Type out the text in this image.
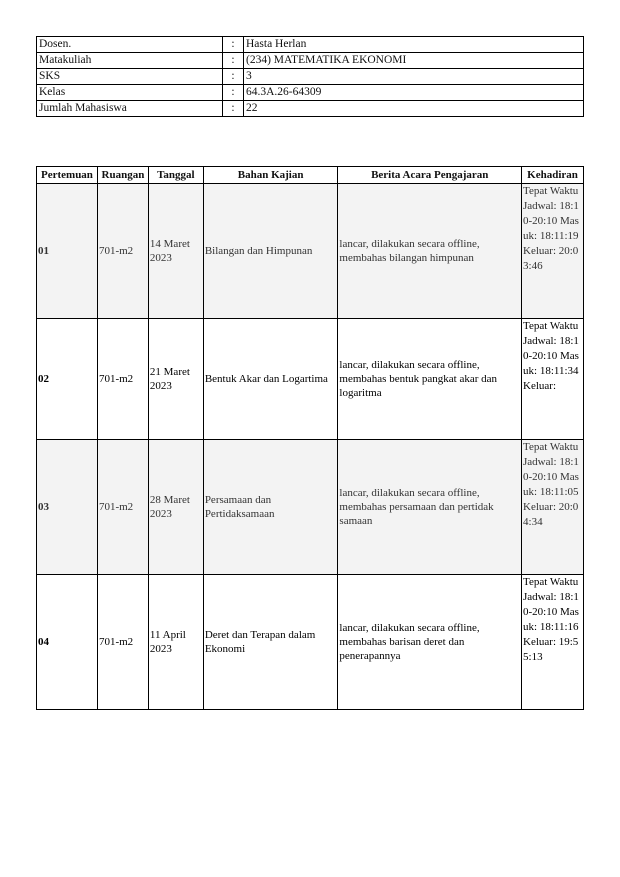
Dosen.	:	Hasta Herlan
Matakuliah	:	(234) MATEMATIKA EKONOMI
SKS	:	3
Kelas	:	64.3A.26-64309
Jumlah Mahasiswa	:	22
Pertemuan	Ruangan	Tanggal	Bahan Kajian	Berita Acara Pengajaran	Kehadiran
01	701-m2	14 Maret 2023	Bilangan dan Himpunan	lancar, dilakukan secara offline, membahas bilangan himpunan	Tepat Waktu Jadwal: 18:10-20:10 Masuk: 18:11:19 Keluar: 20:03:46

02	701-m2	21 Maret 2023	Bentuk Akar dan Logartima	lancar, dilakukan secara offline, membahas bentuk pangkat akar dan logaritma	Tepat Waktu Jadwal: 18:10-20:10 Masuk: 18:11:34 Keluar:

03	701-m2	28 Maret 2023	Persamaan dan Pertidaksamaan	lancar, dilakukan secara offline, membahas persamaan dan pertidak samaan	Tepat Waktu Jadwal: 18:10-20:10 Masuk: 18:11:05 Keluar: 20:04:34

04	701-m2	11 April 2023	Deret dan Terapan dalam Ekonomi	lancar, dilakukan secara offline, membahas barisan deret dan penerapannya	Tepat Waktu Jadwal: 18:10-20:10 Masuk: 18:11:16 Keluar: 19:55:13
